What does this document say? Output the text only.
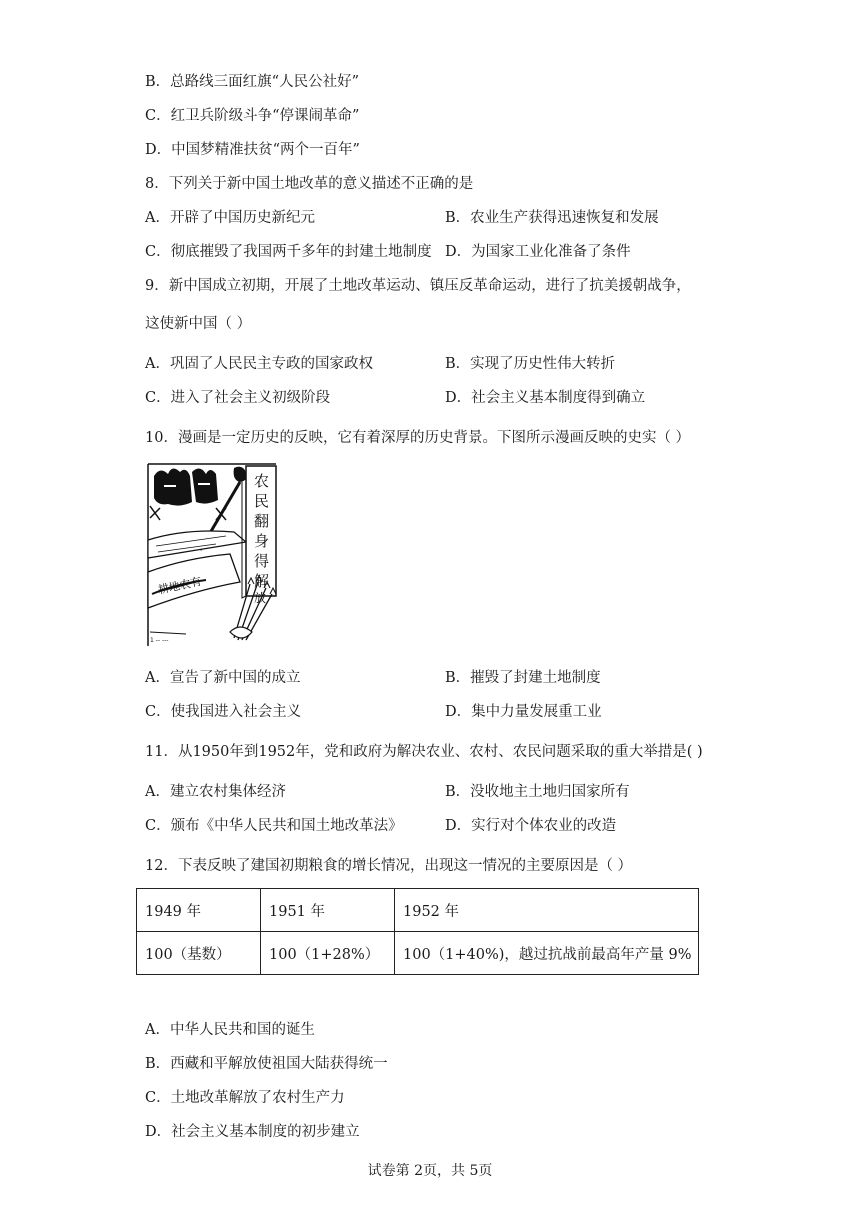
B．总路线三面红旗“人民公社好”
C．红卫兵阶级斗争“停课闹革命”
D．中国梦精准扶贫“两个一百年”
8．下列关于新中国土地改革的意义描述不正确的是
A．开辟了中国历史新纪元	B．农业生产获得迅速恢复和发展
C．彻底摧毁了我国两千多年的封建土地制度 D．为国家工业化准备了条件
9．新中国成立初期，开展了土地改革运动、镇压反革命运动，进行了抗美援朝战争，
这使新中国（ ）
A．巩固了人民民主专政的国家政权	B．实现了历史性伟大转折
C．进入了社会主义初级阶段	D．社会主义基本制度得到确立
10．漫画是一定历史的反映，它有着深厚的历史背景。下图所示漫画反映的史实（ ）
耕地农有
农
民
翻
身
得
解
放
1 -- ---
A．宣告了新中国的成立	B．摧毁了封建土地制度
C．使我国进入社会主义	D．集中力量发展重工业
11．从1950年到1952年，党和政府为解决农业、农村、农民问题采取的重大举措是( )
A．建立农村集体经济	B．没收地主土地归国家所有
C．颁布《中华人民共和国土地改革法》	D．实行对个体农业的改造
12．下表反映了建国初期粮食的增长情况，出现这一情况的主要原因是（ ）
1949 年	1951 年	1952 年
100（基数）	100（1+28%）	100（1+40%)，越过抗战前最高年产量 9%
A．中华人民共和国的诞生
B．西藏和平解放使祖国大陆获得统一
C．土地改革解放了农村生产力
D．社会主义基本制度的初步建立
试卷第 2页，共 5页
